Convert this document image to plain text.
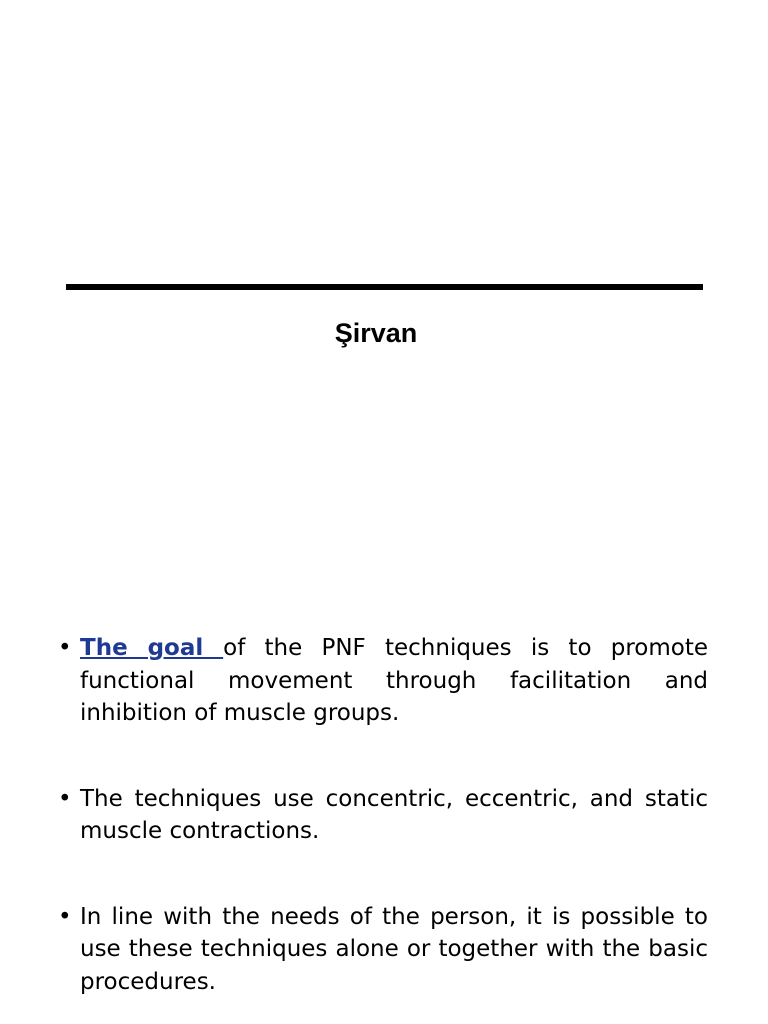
Şirvan
• The goal of the PNF techniques is to promote functional movement through facilitation and inhibition of muscle groups.
• The techniques use concentric, eccentric, and static muscle contractions.
• In line with the needs of the person, it is possible to use these techniques alone or together with the basic procedures.
